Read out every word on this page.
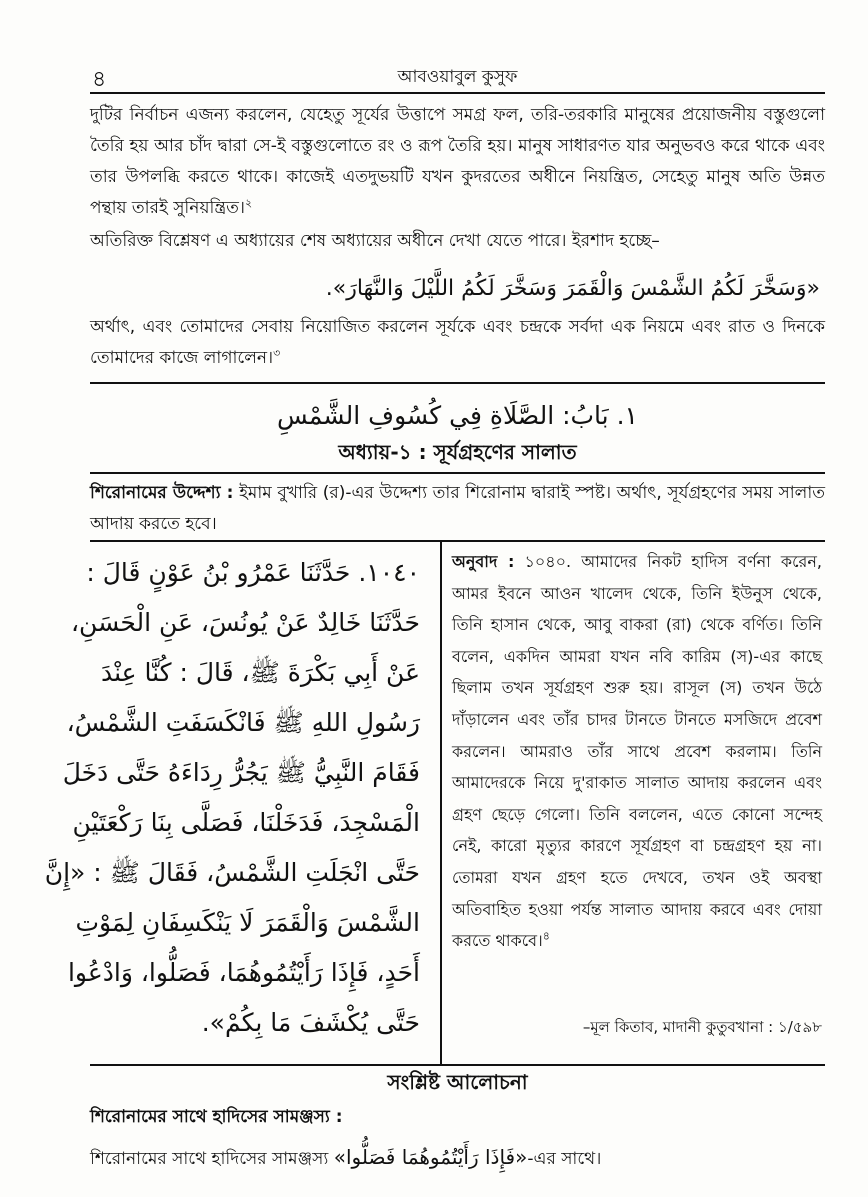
৪	আবওয়াবুল কুসুফ
দুটির নির্বাচন এজন্য করলেন, যেহেতু সূর্যের উত্তাপে সমগ্র ফল, তরি-তরকারি মানুষের প্রয়োজনীয় বস্তুগুলো তৈরি হয় আর চাঁদ দ্বারা সে-ই বস্তুগুলোতে রং ও রূপ তৈরি হয়। মানুষ সাধারণত যার অনুভবও করে থাকে এবং তার উপলব্ধি করতে থাকে। কাজেই এতদুভয়টি যখন কুদরতের অধীনে নিয়ন্ত্রিত, সেহেতু মানুষ অতি উন্নত পন্থায় তারই সুনিয়ন্ত্রিত।$^২$
অতিরিক্ত বিশ্লেষণ এ অধ্যায়ের শেষ অধ্যায়ের অধীনে দেখা যেতে পারে। ইরশাদ হচ্ছে–
«وَسَخَّرَ لَكُمُ الشَّمْسَ وَالْقَمَرَ وَسَخَّرَ لَكُمُ اللَّيْلَ وَالنَّهَارَ».
অর্থাৎ, এবং তোমাদের সেবায় নিয়োজিত করলেন সূর্যকে এবং চন্দ্রকে সর্বদা এক নিয়মে এবং রাত ও দিনকে তোমাদের কাজে লাগালেন।$^৩$
١. بَابُ: الصَّلَاةِ فِي كُسُوفِ الشَّمْسِ
অধ্যায়-১ : সূর্যগ্রহণের সালাত
শিরোনামের উদ্দেশ্য : ইমাম বুখারি (র)-এর উদ্দেশ্য তার শিরোনাম দ্বারাই স্পষ্ট। অর্থাৎ, সূর্যগ্রহণের সময় সালাত আদায় করতে হবে।
١٠٤٠. حَدَّثَنَا عَمْرُو بْنُ عَوْنٍ قَالَ :
حَدَّثَنَا خَالِدٌ عَنْ يُونُسَ، عَنِ الْحَسَنِ،
عَنْ أَبِي بَكْرَةَ ﷺ، قَالَ : كُنَّا عِنْدَ
رَسُولِ اللهِ ﷺ فَانْكَسَفَتِ الشَّمْسُ،
فَقَامَ النَّبِيُّ ﷺ يَجُرُّ رِدَاءَهُ حَتَّى دَخَلَ
الْمَسْجِدَ، فَدَخَلْنَا، فَصَلَّى بِنَا رَكْعَتَيْنِ
حَتَّى انْجَلَتِ الشَّمْسُ، فَقَالَ ﷺ : «إِنَّ
الشَّمْسَ وَالْقَمَرَ لَا يَنْكَسِفَانِ لِمَوْتِ
أَحَدٍ، فَإِذَا رَأَيْتُمُوهُمَا، فَصَلُّوا، وَادْعُوا
حَتَّى يُكْشَفَ مَا بِكُمْ».
অনুবাদ : ১০৪০. আমাদের নিকট হাদিস বর্ণনা করেন, আমর ইবনে আওন খালেদ থেকে, তিনি ইউনুস থেকে, তিনি হাসান থেকে, আবু বাকরা (রা) থেকে বর্ণিত। তিনি বলেন, একদিন আমরা যখন নবি কারিম (স)-এর কাছে ছিলাম তখন সূর্যগ্রহণ শুরু হয়। রাসূল (স) তখন উঠে দাঁড়ালেন এবং তাঁর চাদর টানতে টানতে মসজিদে প্রবেশ করলেন। আমরাও তাঁর সাথে প্রবেশ করলাম। তিনি আমাদেরকে নিয়ে দু'রাকাত সালাত আদায় করলেন এবং গ্রহণ ছেড়ে গেলো। তিনি বললেন, এতে কোনো সন্দেহ নেই, কারো মৃত্যুর কারণে সূর্যগ্রহণ বা চন্দ্রগ্রহণ হয় না। তোমরা যখন গ্রহণ হতে দেখবে, তখন ওই অবস্থা অতিবাহিত হওয়া পর্যন্ত সালাত আদায় করবে এবং দোয়া করতে থাকবে।$^৪$
–মূল কিতাব, মাদানী কুতুবখানা : ১/৫৯৮
সংশ্লিষ্ট আলোচনা
শিরোনামের সাথে হাদিসের সামঞ্জস্য :
শিরোনামের সাথে হাদিসের সামঞ্জস্য «فَإِذَا رَأَيْتُمُوهُمَا فَصَلُّوا»-এর সাথে।
